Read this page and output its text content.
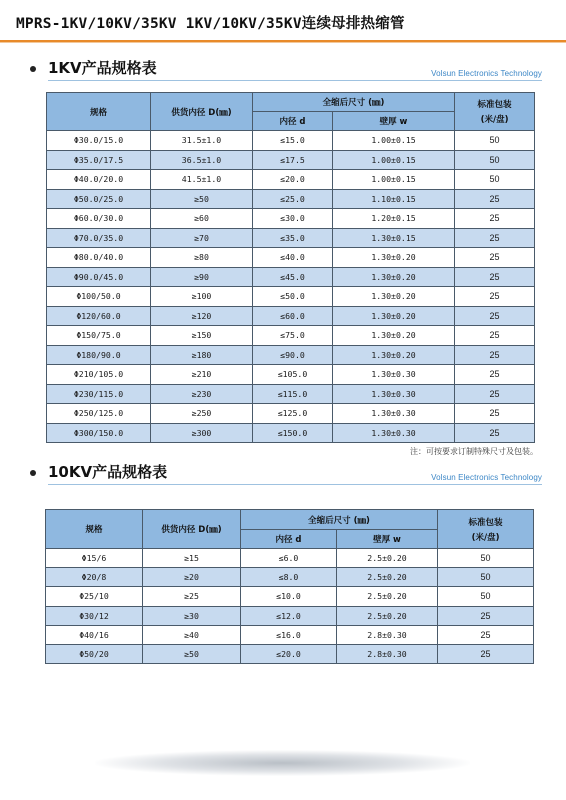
MPRS-1KV/10KV/35KV 1KV/10KV/35KV连续母排热缩管
1KV产品规格表	Volsun Electronics Technology
规格	供货内径 D(㎜)	全缩后尺寸 (㎜)		标准包装
(米/盘)

		内径 d	壁厚 w	
Φ30.0/15.0	31.5±1.0	≤15.0	1.00±0.15	50
Φ35.0/17.5	36.5±1.0	≤17.5	1.00±0.15	50
Φ40.0/20.0	41.5±1.0	≤20.0	1.00±0.15	50
Φ50.0/25.0	≥50	≤25.0	1.10±0.15	25
Φ60.0/30.0	≥60	≤30.0	1.20±0.15	25
Φ70.0/35.0	≥70	≤35.0	1.30±0.15	25
Φ80.0/40.0	≥80	≤40.0	1.30±0.20	25
Φ90.0/45.0	≥90	≤45.0	1.30±0.20	25
Φ100/50.0	≥100	≤50.0	1.30±0.20	25
Φ120/60.0	≥120	≤60.0	1.30±0.20	25
Φ150/75.0	≥150	≤75.0	1.30±0.20	25
Φ180/90.0	≥180	≤90.0	1.30±0.20	25
Φ210/105.0	≥210	≤105.0	1.30±0.30	25
Φ230/115.0	≥230	≤115.0	1.30±0.30	25
Φ250/125.0	≥250	≤125.0	1.30±0.30	25
Φ300/150.0	≥300	≤150.0	1.30±0.30	25
注：可按要求订制特殊尺寸及包装。
10KV产品规格表	Volsun Electronics Technology
规格	供货内径 D(㎜)	全缩后尺寸 (㎜)		标准包装
(米/盘)

		内径 d	壁厚 w	
Φ15/6	≥15	≤6.0	2.5±0.20	50
Φ20/8	≥20	≤8.0	2.5±0.20	50
Φ25/10	≥25	≤10.0	2.5±0.20	50
Φ30/12	≥30	≤12.0	2.5±0.20	25
Φ40/16	≥40	≤16.0	2.8±0.30	25
Φ50/20	≥50	≤20.0	2.8±0.30	25
